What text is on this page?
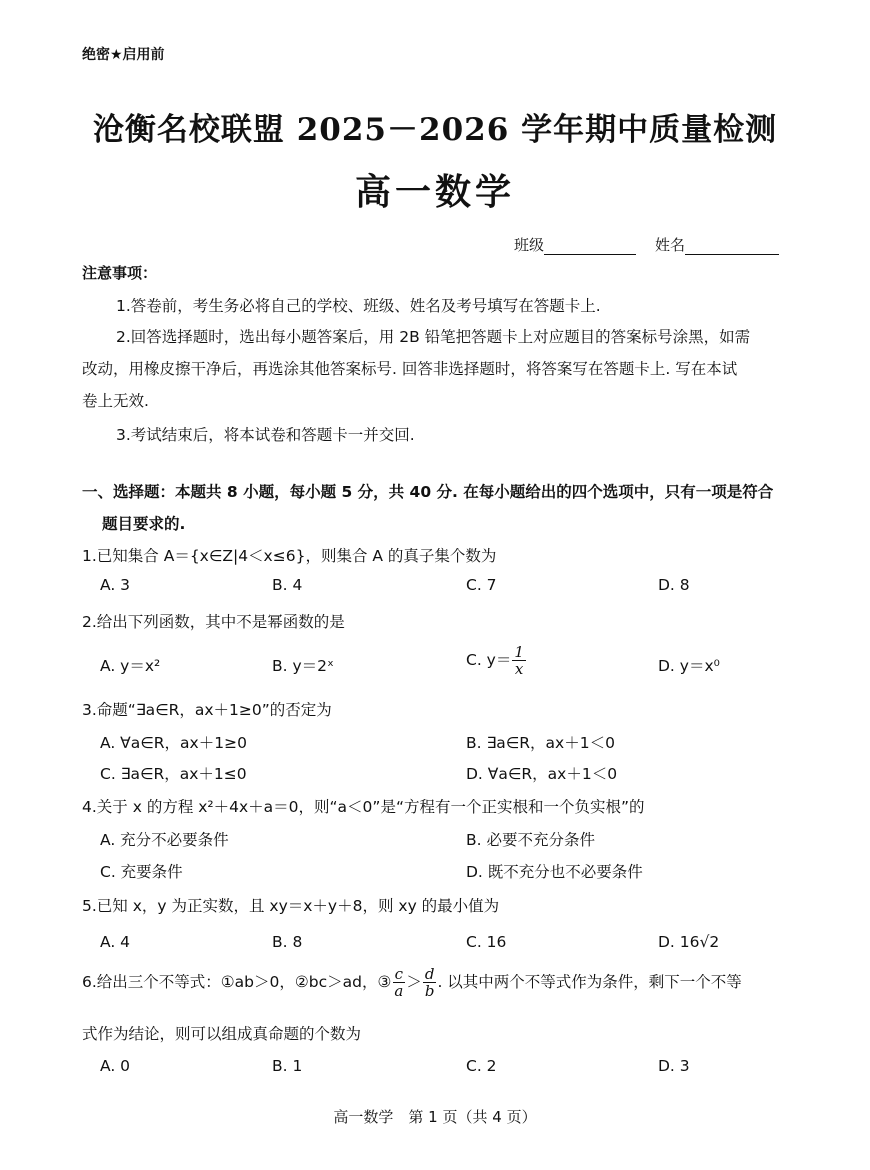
绝密★启用前
沧衡名校联盟 2025－2026 学年期中质量检测
高一数学
班级	姓名
注意事项：
1.答卷前，考生务必将自己的学校、班级、姓名及考号填写在答题卡上.
2.回答选择题时，选出每小题答案后，用 2B 铅笔把答题卡上对应题目的答案标号涂黑，如需
改动，用橡皮擦干净后，再选涂其他答案标号. 回答非选择题时，将答案写在答题卡上. 写在本试
卷上无效.
3.考试结束后，将本试卷和答题卡一并交回.
一、选择题：本题共 8 小题，每小题 5 分，共 40 分. 在每小题给出的四个选项中，只有一项是符合
题目要求的.
1.已知集合 A＝{x∈Z|4＜x≤6}，则集合 A 的真子集个数为
A. 3	B. 4	C. 7	D. 8
2.给出下列函数，其中不是幂函数的是
A. y＝x²	B. y＝2ˣ	C. $y= \frac{1}{x}$	D. y＝x⁰
3.命题“∃a∈R，ax＋1≥0”的否定为
A. ∀a∈R，ax＋1≥0	B. ∃a∈R，ax＋1＜0
C. ∃a∈R，ax＋1≤0	D. ∀a∈R，ax＋1＜0
4.关于 x 的方程 x²＋4x＋a＝0，则“a＜0”是“方程有一个正实根和一个负实根”的
A. 充分不必要条件	B. 必要不充分条件
C. 充要条件	D. 既不充分也不必要条件
5.已知 x，y 为正实数，且 xy＝x＋y＋8，则 xy 的最小值为
A. 4	B. 8	C. 16	D. 16√2
6.给出三个不等式：①ab＞0，②bc＞ad，③ $\frac{c}{a} > \frac{d}{b}$ . 以其中两个不等式作为条件，剩下一个不等
式作为结论，则可以组成真命题的个数为
A. 0	B. 1	C. 2	D. 3
高一数学　第 1 页（共 4 页）
